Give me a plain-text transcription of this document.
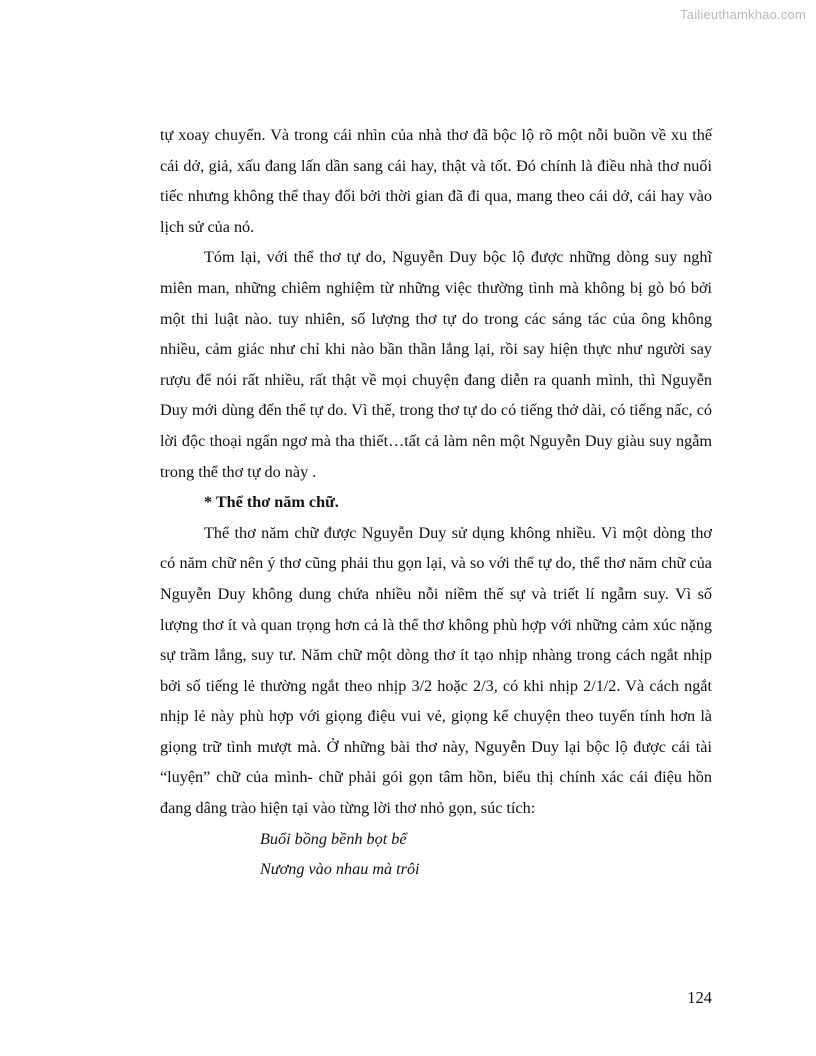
Tailieuthamkhao.com

tự xoay chuyển. Và trong cái nhìn của nhà thơ đã bộc lộ rõ một nỗi buồn về xu thế cái dở, giả, xấu đang lấn dần sang cái hay, thật và tốt. Đó chính là điều nhà thơ nuối tiếc nhưng không thể thay đổi bởi thời gian đã đi qua, mang theo cái dở, cái hay vào lịch sử của nó.

Tóm lại, với thể thơ tự do, Nguyễn Duy bộc lộ được những dòng suy nghĩ miên man, những chiêm nghiệm từ những việc thường tình mà không bị gò bó bởi một thi luật nào. tuy nhiên, số lượng thơ tự do trong các sáng tác của ông không nhiều, cảm giác như chỉ khi nào bần thần lắng lại, rồi say hiện thực như người say rượu để nói rất nhiều, rất thật về mọi chuyện đang diễn ra quanh mình, thì Nguyễn Duy mới dùng đến thể tự do. Vì thế, trong thơ tự do có tiếng thở dài, có tiếng nấc, có lời độc thoại ngẩn ngơ mà tha thiết…tất cả làm nên một Nguyễn Duy giàu suy ngẫm trong thể thơ tự do này .

* Thể thơ năm chữ.

Thể thơ năm chữ được Nguyễn Duy sử dụng không nhiều. Vì một dòng thơ có năm chữ nên ý thơ cũng phải thu gọn lại, và so với thể tự do, thể thơ năm chữ của Nguyễn Duy không dung chứa nhiều nỗi niềm thế sự và triết lí ngẫm suy. Vì số lượng thơ ít và quan trọng hơn cả là thể thơ không phù hợp với những cảm xúc nặng sự trầm lắng, suy tư. Năm chữ một dòng thơ ít tạo nhịp nhàng trong cách ngắt nhịp bởi số tiếng lẻ thường ngắt theo nhịp 3/2 hoặc 2/3, có khi nhịp 2/1/2. Và cách ngắt nhịp lẻ này phù hợp với giọng điệu vui vẻ, giọng kể chuyện theo tuyến tính hơn là giọng trữ tình mượt mà. Ở những bài thơ này, Nguyễn Duy lại bộc lộ được cái tài “luyện” chữ của mình- chữ phải gói gọn tâm hồn, biểu thị chính xác cái điệu hồn đang dâng trào hiện tại vào từng lời thơ nhỏ gọn, súc tích:

Buổi bồng bềnh bọt bể

Nương vào nhau mà trôi

124
